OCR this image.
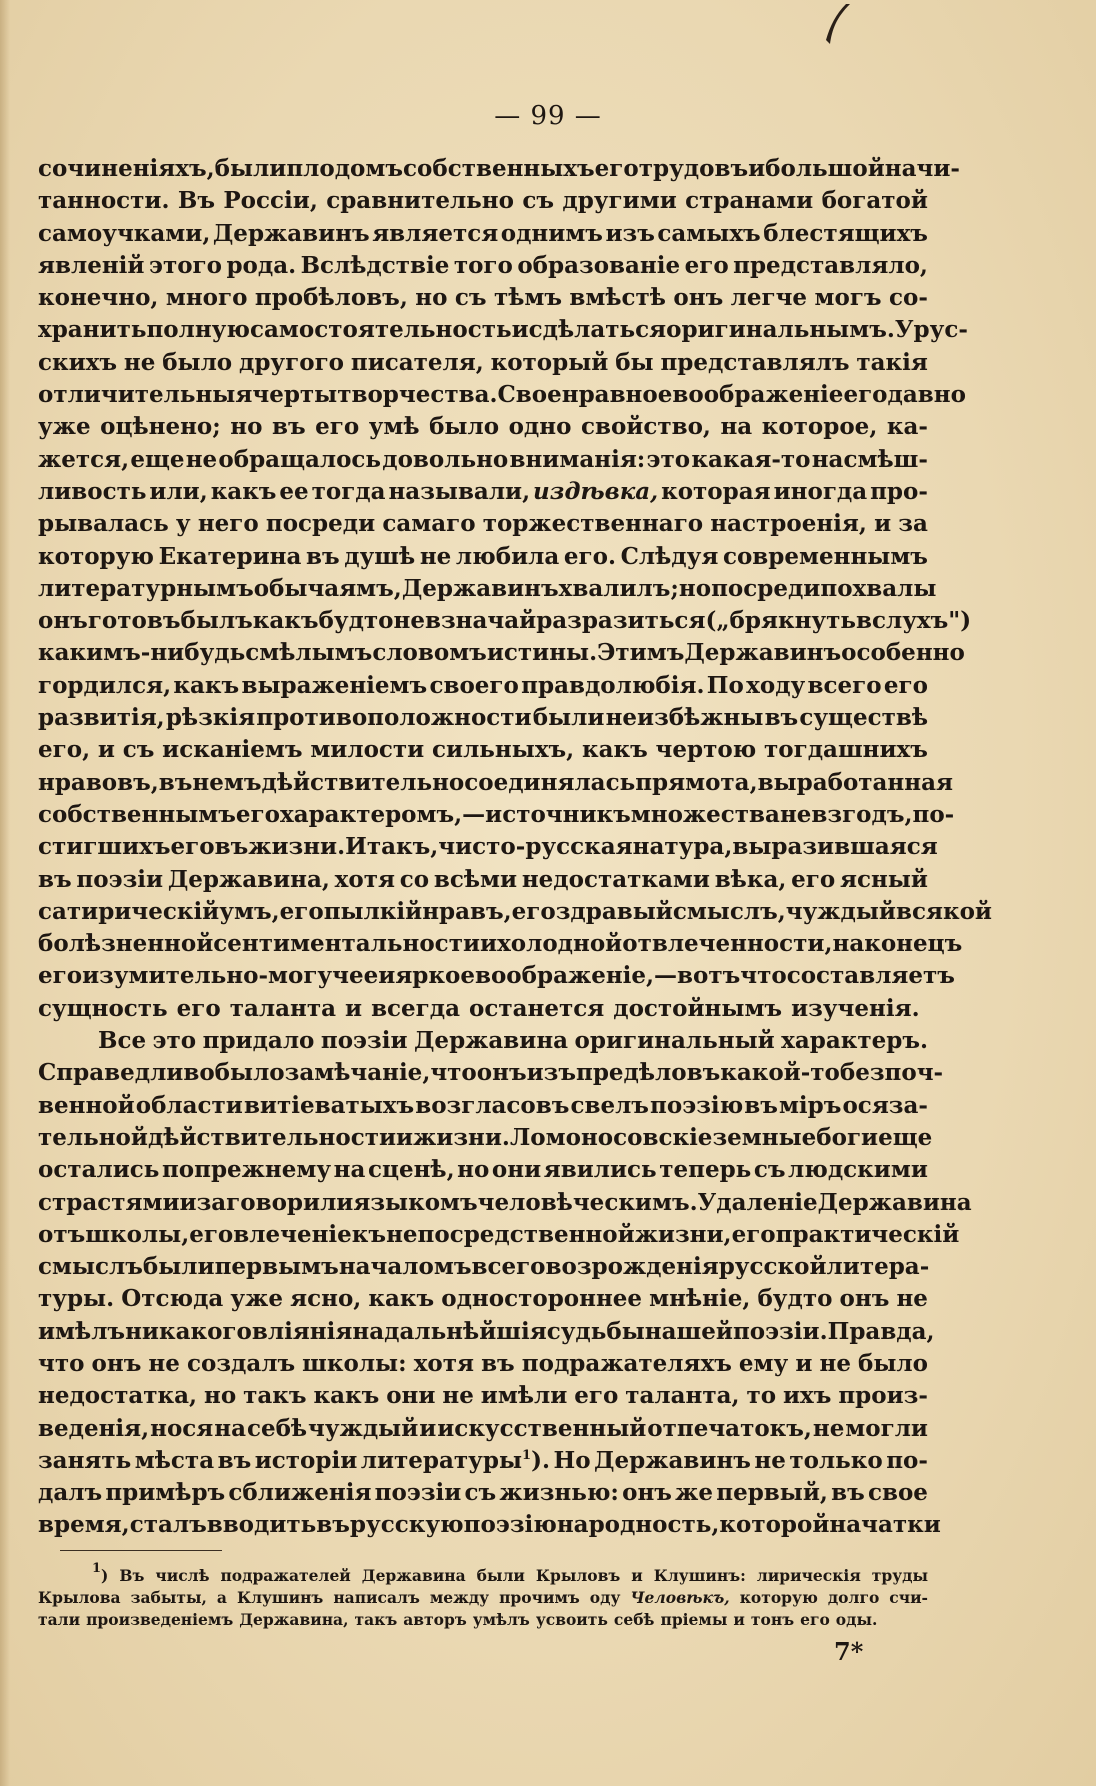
— 99 —
сочиненіяхъ, были плодомъ собственныхъ его трудовъ и большой начи-
танности. Въ Россіи, сравнительно съ другими странами богатой
самоучками, Державинъ является однимъ изъ самыхъ блестящихъ
явленій этого рода. Вслѣдствіе того образованіе его представляло,
конечно, много пробѣловъ, но съ тѣмъ вмѣстѣ онъ легче могъ со-
хранить полную самостоятельность и сдѣлаться оригинальнымъ. У рус-
скихъ не было другого писателя, который бы представлялъ такія
отличительныя черты творчества. Своенравное воображеніе его давно
уже оцѣнено; но въ его умѣ было одно свойство, на которое, ка-
жется, еще не обращалось довольно вниманія: это какая-то насмѣш-
ливость или, какъ ее тогда называли, издѣвка, которая иногда про-
рывалась у него посреди самаго торжественнаго настроенія, и за
которую Екатерина въ душѣ не любила его. Слѣдуя современнымъ
литературнымъ обычаямъ, Державинъ хвалилъ; но посреди похвалы
онъ готовъ былъ какъ будто невзначай разразиться („брякнуть вслухъ")
какимъ-нибудь смѣлымъ словомъ истины. Этимъ Державинъ особенно
гордился, какъ выраженіемъ своего правдолюбія. По ходу всего его
развитія, рѣзкія противоположности были неизбѣжны въ существѣ
его, и съ исканіемъ милости сильныхъ, какъ чертою тогдашнихъ
нравовъ, въ немъ дѣйствительно соединялась прямота, выработанная
собственнымъ его характеромъ, — источникъ множества невзгодъ, по-
стигшихъ его въ жизни. Итакъ, чисто-русская натура, выразившаяся
въ поэзіи Державина, хотя со всѣми недостатками вѣка, его ясный
сатирическій умъ, его пылкій нравъ, его здравый смыслъ, чуждый всякой
болѣзненной сентиментальности и холодной отвлеченности, наконецъ
его изумительно-могучее и яркое воображеніе, — вотъ что составляетъ
сущность его таланта и всегда останется достойнымъ изученія.
Все это придало поэзіи Державина оригинальный характеръ.
Справедливо было замѣчаніе, что онъ изъ предѣловъ какой-то безпоч-
венной области витіеватыхъ возгласовъ свелъ поэзію въ міръ осяза-
тельной дѣйствительности и жизни. Ломоносовскіе земные боги еще
остались попрежнему на сценѣ, но они явились теперь съ людскими
страстями и заговорили языкомъ человѣческимъ. Удаленіе Державина
отъ школы, его влеченіе къ непосредственной жизни, его практическій
смыслъ были первымъ началомъ всего возрожденія русской литера-
туры. Отсюда уже ясно, какъ одностороннее мнѣніе, будто онъ не
имѣлъ никакого вліянія на дальнѣйшія судьбы нашей поэзіи. Правда,
что онъ не создалъ школы: хотя въ подражателяхъ ему и не было
недостатка, но такъ какъ они не имѣли его таланта, то ихъ произ-
веденія, нося на себѣ чуждый и искусственный отпечатокъ, не могли
занять мѣста въ исторіи литературы$^1$). Но Державинъ не только по-
далъ примѣръ сближенія поэзіи съ жизнью: онъ же первый, въ свое
время, сталъ вводить въ русскую поэзію народность, которой начатки
$^1$) Въ числѣ подражателей Державина были Крыловъ и Клушинъ: лирическія труды
Крылова забыты, а Клушинъ написалъ между прочимъ оду Человѣкъ, которую долго счи-
тали произведеніемъ Державина, такъ авторъ умѣлъ усвоить себѣ пріемы и тонъ его оды.
7*
